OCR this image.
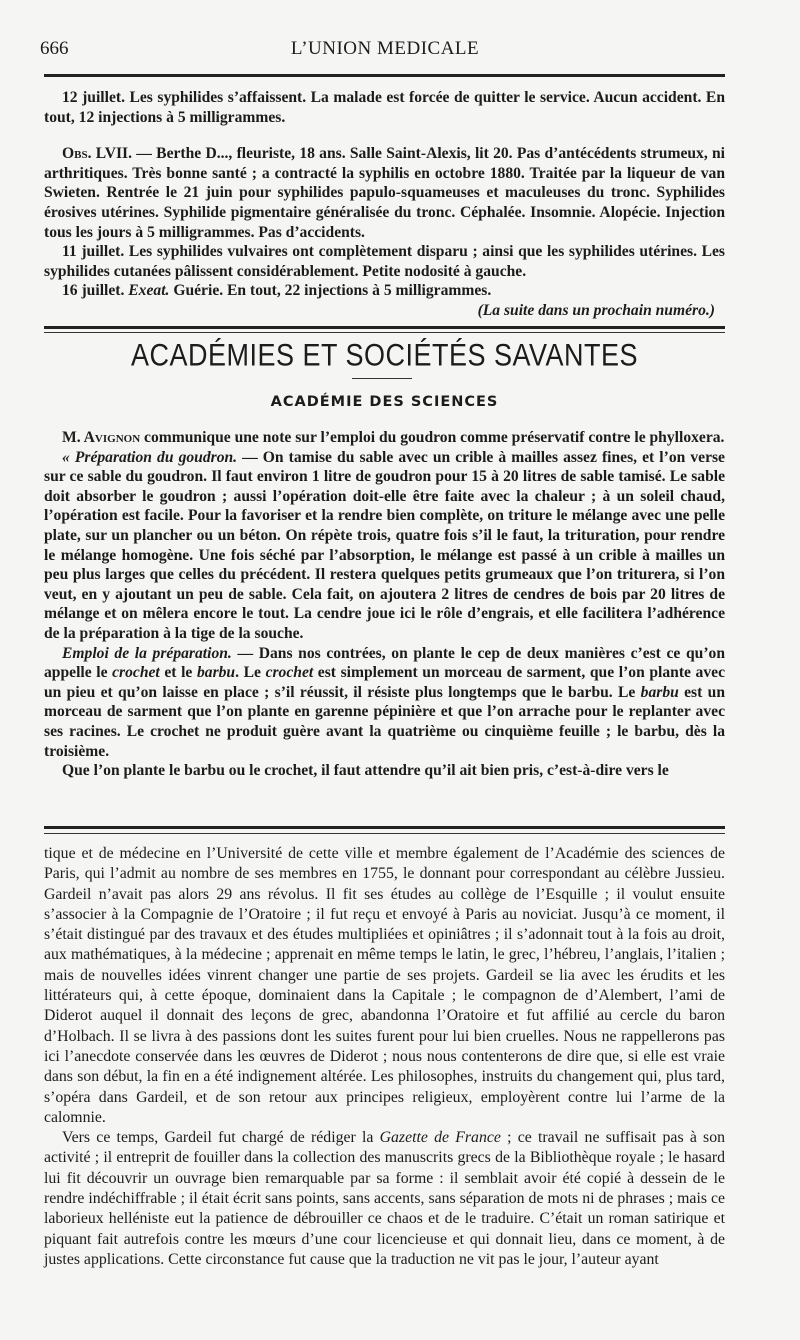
666	L’UNION MEDICALE

12 juillet. Les syphilides s’affaissent. La malade est forcée de quitter le service. Aucun accident. En tout, 12 injections à 5 milligrammes.

Obs. LVII. — Berthe D..., fleuriste, 18 ans. Salle Saint-Alexis, lit 20. Pas d’antécédents strumeux, ni arthritiques. Très bonne santé ; a contracté la syphilis en octobre 1880. Traitée par la liqueur de van Swieten. Rentrée le 21 juin pour syphilides papulo-squameuses et maculeuses du tronc. Syphilides érosives utérines. Syphilide pigmentaire généralisée du tronc. Céphalée. Insomnie. Alopécie. Injection tous les jours à 5 milligrammes. Pas d’accidents.

11 juillet. Les syphilides vulvaires ont complètement disparu ; ainsi que les syphilides utérines. Les syphilides cutanées pâlissent considérablement. Petite nodosité à gauche.

16 juillet. Exeat. Guérie. En tout, 22 injections à 5 milligrammes.

(La suite dans un prochain numéro.)

ACADÉMIES ET SOCIÉTÉS SAVANTES
ACADÉMIE DES SCIENCES

M. Avignon communique une note sur l’emploi du goudron comme préservatif contre le phylloxera.

« Préparation du goudron. — On tamise du sable avec un crible à mailles assez fines, et l’on verse sur ce sable du goudron. Il faut environ 1 litre de goudron pour 15 à 20 litres de sable tamisé. Le sable doit absorber le goudron ; aussi l’opération doit-elle être faite avec la chaleur ; à un soleil chaud, l’opération est facile. Pour la favoriser et la rendre bien complète, on triture le mélange avec une pelle plate, sur un plancher ou un béton. On répète trois, quatre fois s’il le faut, la trituration, pour rendre le mélange homogène. Une fois séché par l’absorption, le mélange est passé à un crible à mailles un peu plus larges que celles du précédent. Il restera quelques petits grumeaux que l’on triturera, si l’on veut, en y ajoutant un peu de sable. Cela fait, on ajoutera 2 litres de cendres de bois par 20 litres de mélange et on mêlera encore le tout. La cendre joue ici le rôle d’engrais, et elle facilitera l’adhérence de la préparation à la tige de la souche.

Emploi de la préparation. — Dans nos contrées, on plante le cep de deux manières c’est ce qu’on appelle le crochet et le barbu. Le crochet est simplement un morceau de sarment, que l’on plante avec un pieu et qu’on laisse en place ; s’il réussit, il résiste plus longtemps que le barbu. Le barbu est un morceau de sarment que l’on plante en garenne pépinière et que l’on arrache pour le replanter avec ses racines. Le crochet ne produit guère avant la quatrième ou cinquième feuille ; le barbu, dès la troisième.

Que l’on plante le barbu ou le crochet, il faut attendre qu’il ait bien pris, c’est-à-dire vers le

tique et de médecine en l’Université de cette ville et membre également de l’Académie des sciences de Paris, qui l’admit au nombre de ses membres en 1755, le donnant pour correspondant au célèbre Jussieu. Gardeil n’avait pas alors 29 ans révolus. Il fit ses études au collège de l’Esquille ; il voulut ensuite s’associer à la Compagnie de l’Oratoire ; il fut reçu et envoyé à Paris au noviciat. Jusqu’à ce moment, il s’était distingué par des travaux et des études multipliées et opiniâtres ; il s’adonnait tout à la fois au droit, aux mathématiques, à la médecine ; apprenait en même temps le latin, le grec, l’hébreu, l’anglais, l’italien ; mais de nouvelles idées vinrent changer une partie de ses projets. Gardeil se lia avec les érudits et les littérateurs qui, à cette époque, dominaient dans la Capitale ; le compagnon de d’Alembert, l’ami de Diderot auquel il donnait des leçons de grec, abandonna l’Oratoire et fut affilié au cercle du baron d’Holbach. Il se livra à des passions dont les suites furent pour lui bien cruelles. Nous ne rappellerons pas ici l’anecdote conservée dans les œuvres de Diderot ; nous nous contenterons de dire que, si elle est vraie dans son début, la fin en a été indignement altérée. Les philosophes, instruits du changement qui, plus tard, s’opéra dans Gardeil, et de son retour aux principes religieux, employèrent contre lui l’arme de la calomnie.

Vers ce temps, Gardeil fut chargé de rédiger la Gazette de France ; ce travail ne suffisait pas à son activité ; il entreprit de fouiller dans la collection des manuscrits grecs de la Bibliothèque royale ; le hasard lui fit découvrir un ouvrage bien remarquable par sa forme : il semblait avoir été copié à dessein de le rendre indéchiffrable ; il était écrit sans points, sans accents, sans séparation de mots ni de phrases ; mais ce laborieux helléniste eut la patience de débrouiller ce chaos et de le traduire. C’était un roman satirique et piquant fait autrefois contre les mœurs d’une cour licencieuse et qui donnait lieu, dans ce moment, à de justes applications. Cette circonstance fut cause que la traduction ne vit pas le jour, l’auteur ayant
